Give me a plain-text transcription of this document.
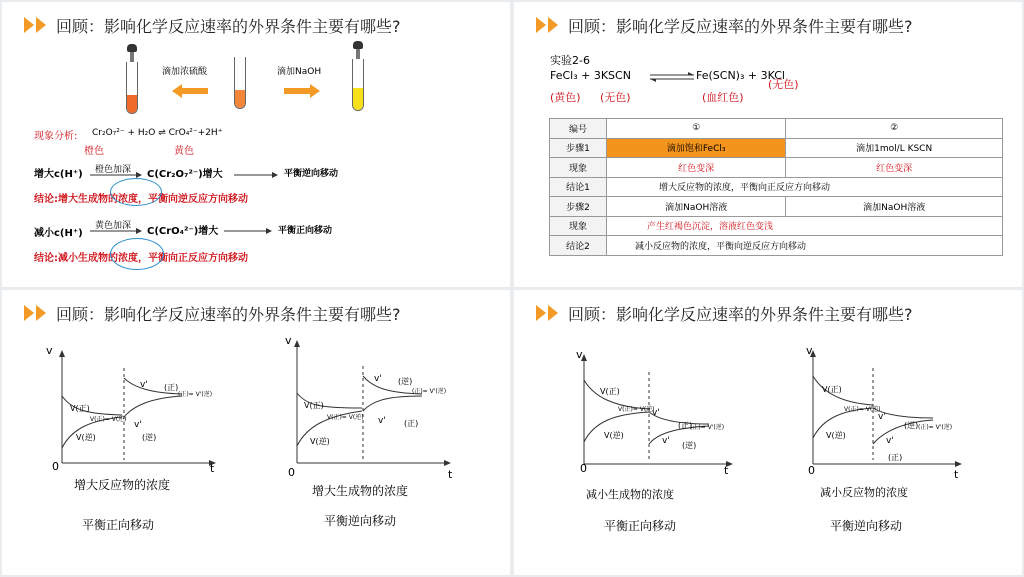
回顾：影响化学反应速率的外界条件主要有哪些?
滴加浓硫酸	滴加NaOH
现象分析: Cr₂O₇²⁻ + H₂O ⇌ CrO₄²⁻+2H⁺
橙色	黄色
增大c(H⁺) 橙色加深 C(Cr₂O₇²⁻)增大	平衡逆向移动
结论:增大生成物的浓度，平衡向逆反应方向移动
减小c(H⁺)
黄色加深 C(CrO₄²⁻)增大	平衡正向移动
结论:减小生成物的浓度，平衡向正反应方向移动
回顾：影响化学反应速率的外界条件主要有哪些?
实验2-6
FeCl₃ + 3KSCN ⇌ Fe(SCN)₃ + 3KCl
(黄色) (无色)	(血红色)
(无色)
编号	①	②
步骤1	滴加饱和FeCl₃	滴加1mol/L KSCN
现象	红色变深	红色变深
结论1	增大反应物的浓度，平衡向正反应方向移动	
步骤2	滴加NaOH溶液	滴加NaOH溶液
现象	产生红褐色沉淀，溶液红色变浅	
结论2	减小反应物的浓度，平衡向逆反应方向移动	
回顾：影响化学反应速率的外界条件主要有哪些?
v
t
0
V(正)
V(正)= V(逆)
V(逆)
v' (正)
(正)= V'(逆)
v'
(逆)
增大反应物的浓度
平衡正向移动
v
t
0
V(正)
V(正)= V(逆)
V(逆)
v' (逆)
(正)= V'(逆)
v' (正)
增大生成物的浓度
平衡逆向移动
回顾：影响化学反应速率的外界条件主要有哪些?
v
t
0
V(正)
V(正)= V(逆)
V(逆)
v'
(正)
(正)= V'(逆)
v' (逆)
减小生成物的浓度
平衡正向移动
v
t
0
V(正)
V(正)= V(逆)
V(逆)
v'
(逆) (正)= V'(逆)
v'
(正)
减小反应物的浓度
平衡逆向移动
